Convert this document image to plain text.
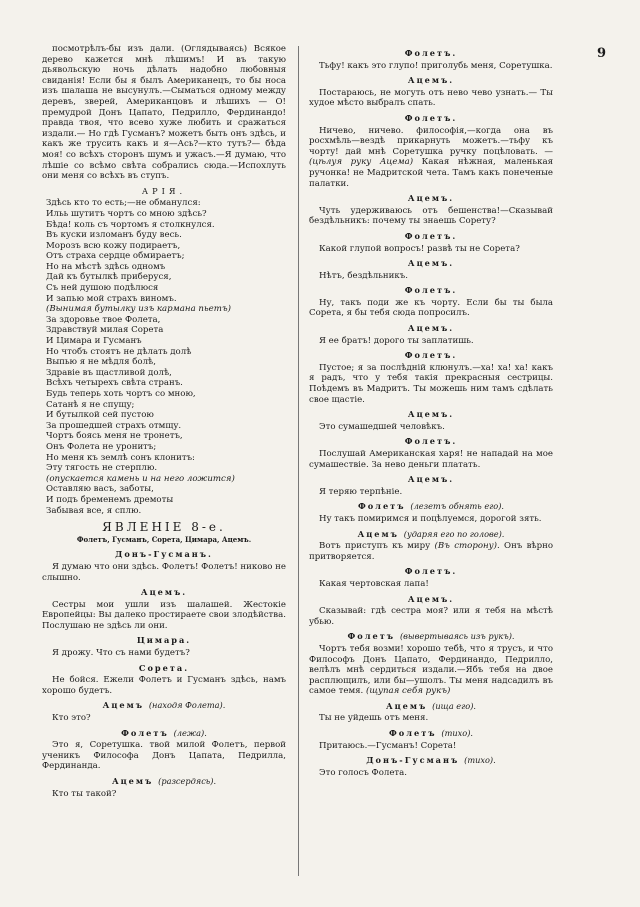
9

посмотрѣлъ-бы изъ дали. (Оглядываясь) Всякое дерево кажется мнѣ лѣшимъ! И въ такую дьявольскую ночь дѣлать надобно любовныя свиданія! Если бы я былъ Американецъ, то бы носа изъ шалаша не высунулъ.—Сыматься одному между деревъ, зверей, Американцовъ и лѣшихъ — О! премудрой Донъ Цапато, Педрилло, Фердинандо! правда твоя, что всево хуже любить и сражаться издали.— Но гдѣ Гусманъ? можетъ быть онъ здѣсь, и какъ же трусить какъ и я—Ась?—кто тутъ?— бѣда моя! со всѣхъ сторонъ шумъ и ужасъ.—Я думаю, что лѣшіе со всѣмо свѣта собрались сюда.—Испохлуть они меня со всѣхъ въ ступъ.

АРІЯ.
Здѣсь кто то есть;—не обманулся:
Ильь шутитъ чортъ со мною здѣсь?
Бѣда! коль съ чортомъ я столкнулся.
Въ куски изломанъ буду весь.
Морозъ всю кожу подираетъ,
Отъ страха сердце обмираетъ;
Но на мѣстѣ здѣсь одномъ
Дай къ бутылкѣ приберуся,
Съ ней душою подѣлюся
И запью мой страхъ виномъ.

(Вынимая бутылку изъ кармана пьетъ)

За здоровье твое Фолета,
Здравствуй милая Сорета
И Цимара и Гусманъ
Но чтобъ стоятъ не дѣлать долѣ
Выпью я не мѣдля болѣ,
Здравіе въ щастливой долѣ,
Всѣхъ четырехъ свѣта странъ.
Будь теперь хоть чортъ со мною,
Сатанѣ я не спущу;
И бутылкой сей пустою
За прошедшей страхъ отмщу.
Чортъ боясь меня не тронетъ,
Онъ Фолета не уронитъ;
Но меня къ землѣ сонъ клонитъ:
Эту тягость не стерплю.

(опускается камень и на него ложится)

Оставляю васъ, заботы,
И подъ бременемъ дремоты
Забывая все, я сплю.
ЯВЛЕНІЕ 8-е.
Фолетъ, Гусманъ, Сорета, Цимара, Ацемъ.
Донъ-Гусманъ.

Я думаю что они здѣсь. Фолетъ! Фолетъ! никово не слышно.

Ацемъ.

Сестры мои ушли изъ шалашей. Жестокіе Европейцы: Вы далеко простираете свои злодѣйства. Послушаю не здѣсь ли они.

Цимара.

Я дрожу. Что съ нами будетъ?

Сорета.

Не бойся. Ежели Фолетъ и Гусманъ здѣсь, намъ хорошо будетъ.

Ацемъ (находя Фолета).

Кто это?

Фолетъ (лежа).

Это я, Соретушка. твой милой Фолетъ, первой ученикъ Философа Донъ Цапата, Педрилла, Фердинанда.

Ацемъ (разсердясь).

Кто ты такой?

Фолетъ.

Тьфу! какъ это глупо! приголубь меня, Соретушка.

Ацемъ.

Постараюсь, не могуть отъ нево чево узнать.— Ты худое мѣсто выбралъ спать.

Фолетъ.

Ничево, ничево. философія,—когда она въ росхмѣль—вездѣ прикарнуть можетъ.—тьфу къ чорту! дай мнѣ Соретушка ручку поцѣловать. — (цѣлуя руку Ацема) Какая нѣжная, маленькая ручонка! не Мадритской чета. Тамъ какъ понеченые палатки.

Ацемъ.

Чуть удерживаюсь отъ бешенства!—Сказывай бездѣльникъ: почему ты знаешь Сорету?

Фолетъ.

Какой глупой вопросъ! развѣ ты не Сорета?

Ацемъ.

Нѣтъ, бездѣльникъ.

Фолетъ.

Ну, такъ поди же къ чорту. Если бы ты была Сорета, я бы тебя сюда попросилъ.

Ацемъ.

Я ее братъ! дорого ты заплатишь.

Фолетъ.

Пустое; я за послѣдній клюнулъ.—ха! ха! ха! какъ я радъ, что у тебя такія прекрасныя сестрицы. Поѣдемъ въ Мадритъ. Ты можешь ним тамъ сдѣлать свое щастіе.

Ацемъ.

Это сумашедшей человѣкъ.

Фолетъ.

Послушай Американская харя! не нападай на мое сумашествіе. За нево деньги платать.

Ацемъ.

Я теряю терпѣніе.

Фолетъ (лезетъ обнять его).

Ну такъ помиримся и поцѣлуемся, дорогой зять.

Ацемъ (ударяя его по голове).

Вотъ приступъ къ миру (Въ сторону). Онъ вѣрно притворяется.

Фолетъ.

Какая чертовская лапа!

Ацемъ.

Сказывай: гдѣ сестра моя? или я тебя на мѣстѣ убью.

Фолетъ (вывертываясь изъ рукъ).

Чортъ тебя возми! хорошо тебѣ, что я трусъ, и что Философъ Донъ Цапато, Фердинандо, Педрилло, велѣлъ мнѣ сердиться издали.—Ябъ тебя на двое расплющилъ, или бы—ушолъ. Ты меня надсадилъ въ самое темя. (щупая себя рукъ)

Ацемъ (ища его).

Ты не уйдешь отъ меня.

Фолетъ (тихо).

Притаюсь.—Гусманъ! Сорета!

Донъ-Гусманъ (тихо).

Это голосъ Фолета.
